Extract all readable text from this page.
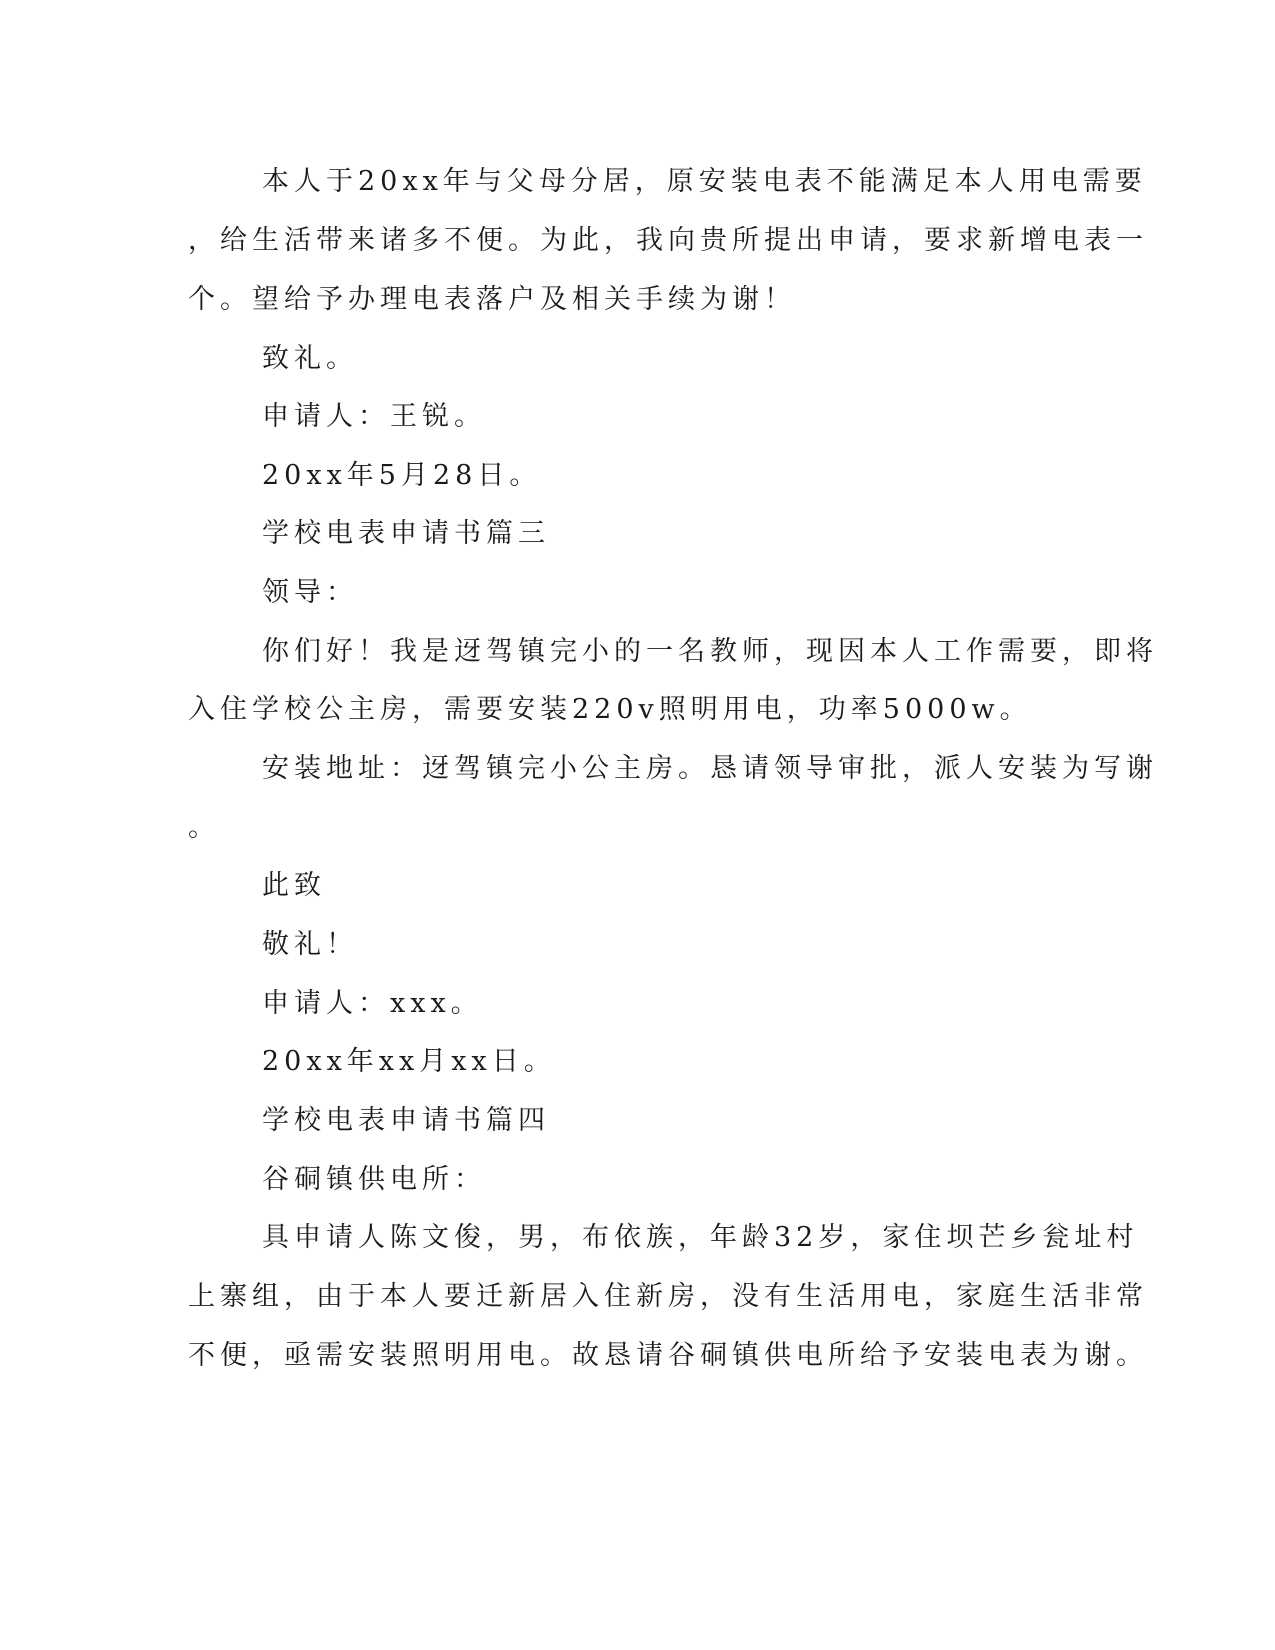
本人于20xx年与父母分居，原安装电表不能满足本人用电需要
，给生活带来诸多不便。为此，我向贵所提出申请，要求新增电表一
个。望给予办理电表落户及相关手续为谢！
致礼。
申请人：王锐。
20xx年5月28日。
学校电表申请书篇三
领导：
你们好！我是迓驾镇完小的一名教师，现因本人工作需要，即将
入住学校公主房，需要安装220v照明用电，功率5000w。
安装地址：迓驾镇完小公主房。恳请领导审批，派人安装为写谢
。
此致
敬礼！
申请人：xxx。
20xx年xx月xx日。
学校电表申请书篇四
谷硐镇供电所：
具申请人陈文俊，男，布依族，年龄32岁，家住坝芒乡瓮址村
上寨组，由于本人要迁新居入住新房，没有生活用电，家庭生活非常
不便，亟需安装照明用电。故恳请谷硐镇供电所给予安装电表为谢。
